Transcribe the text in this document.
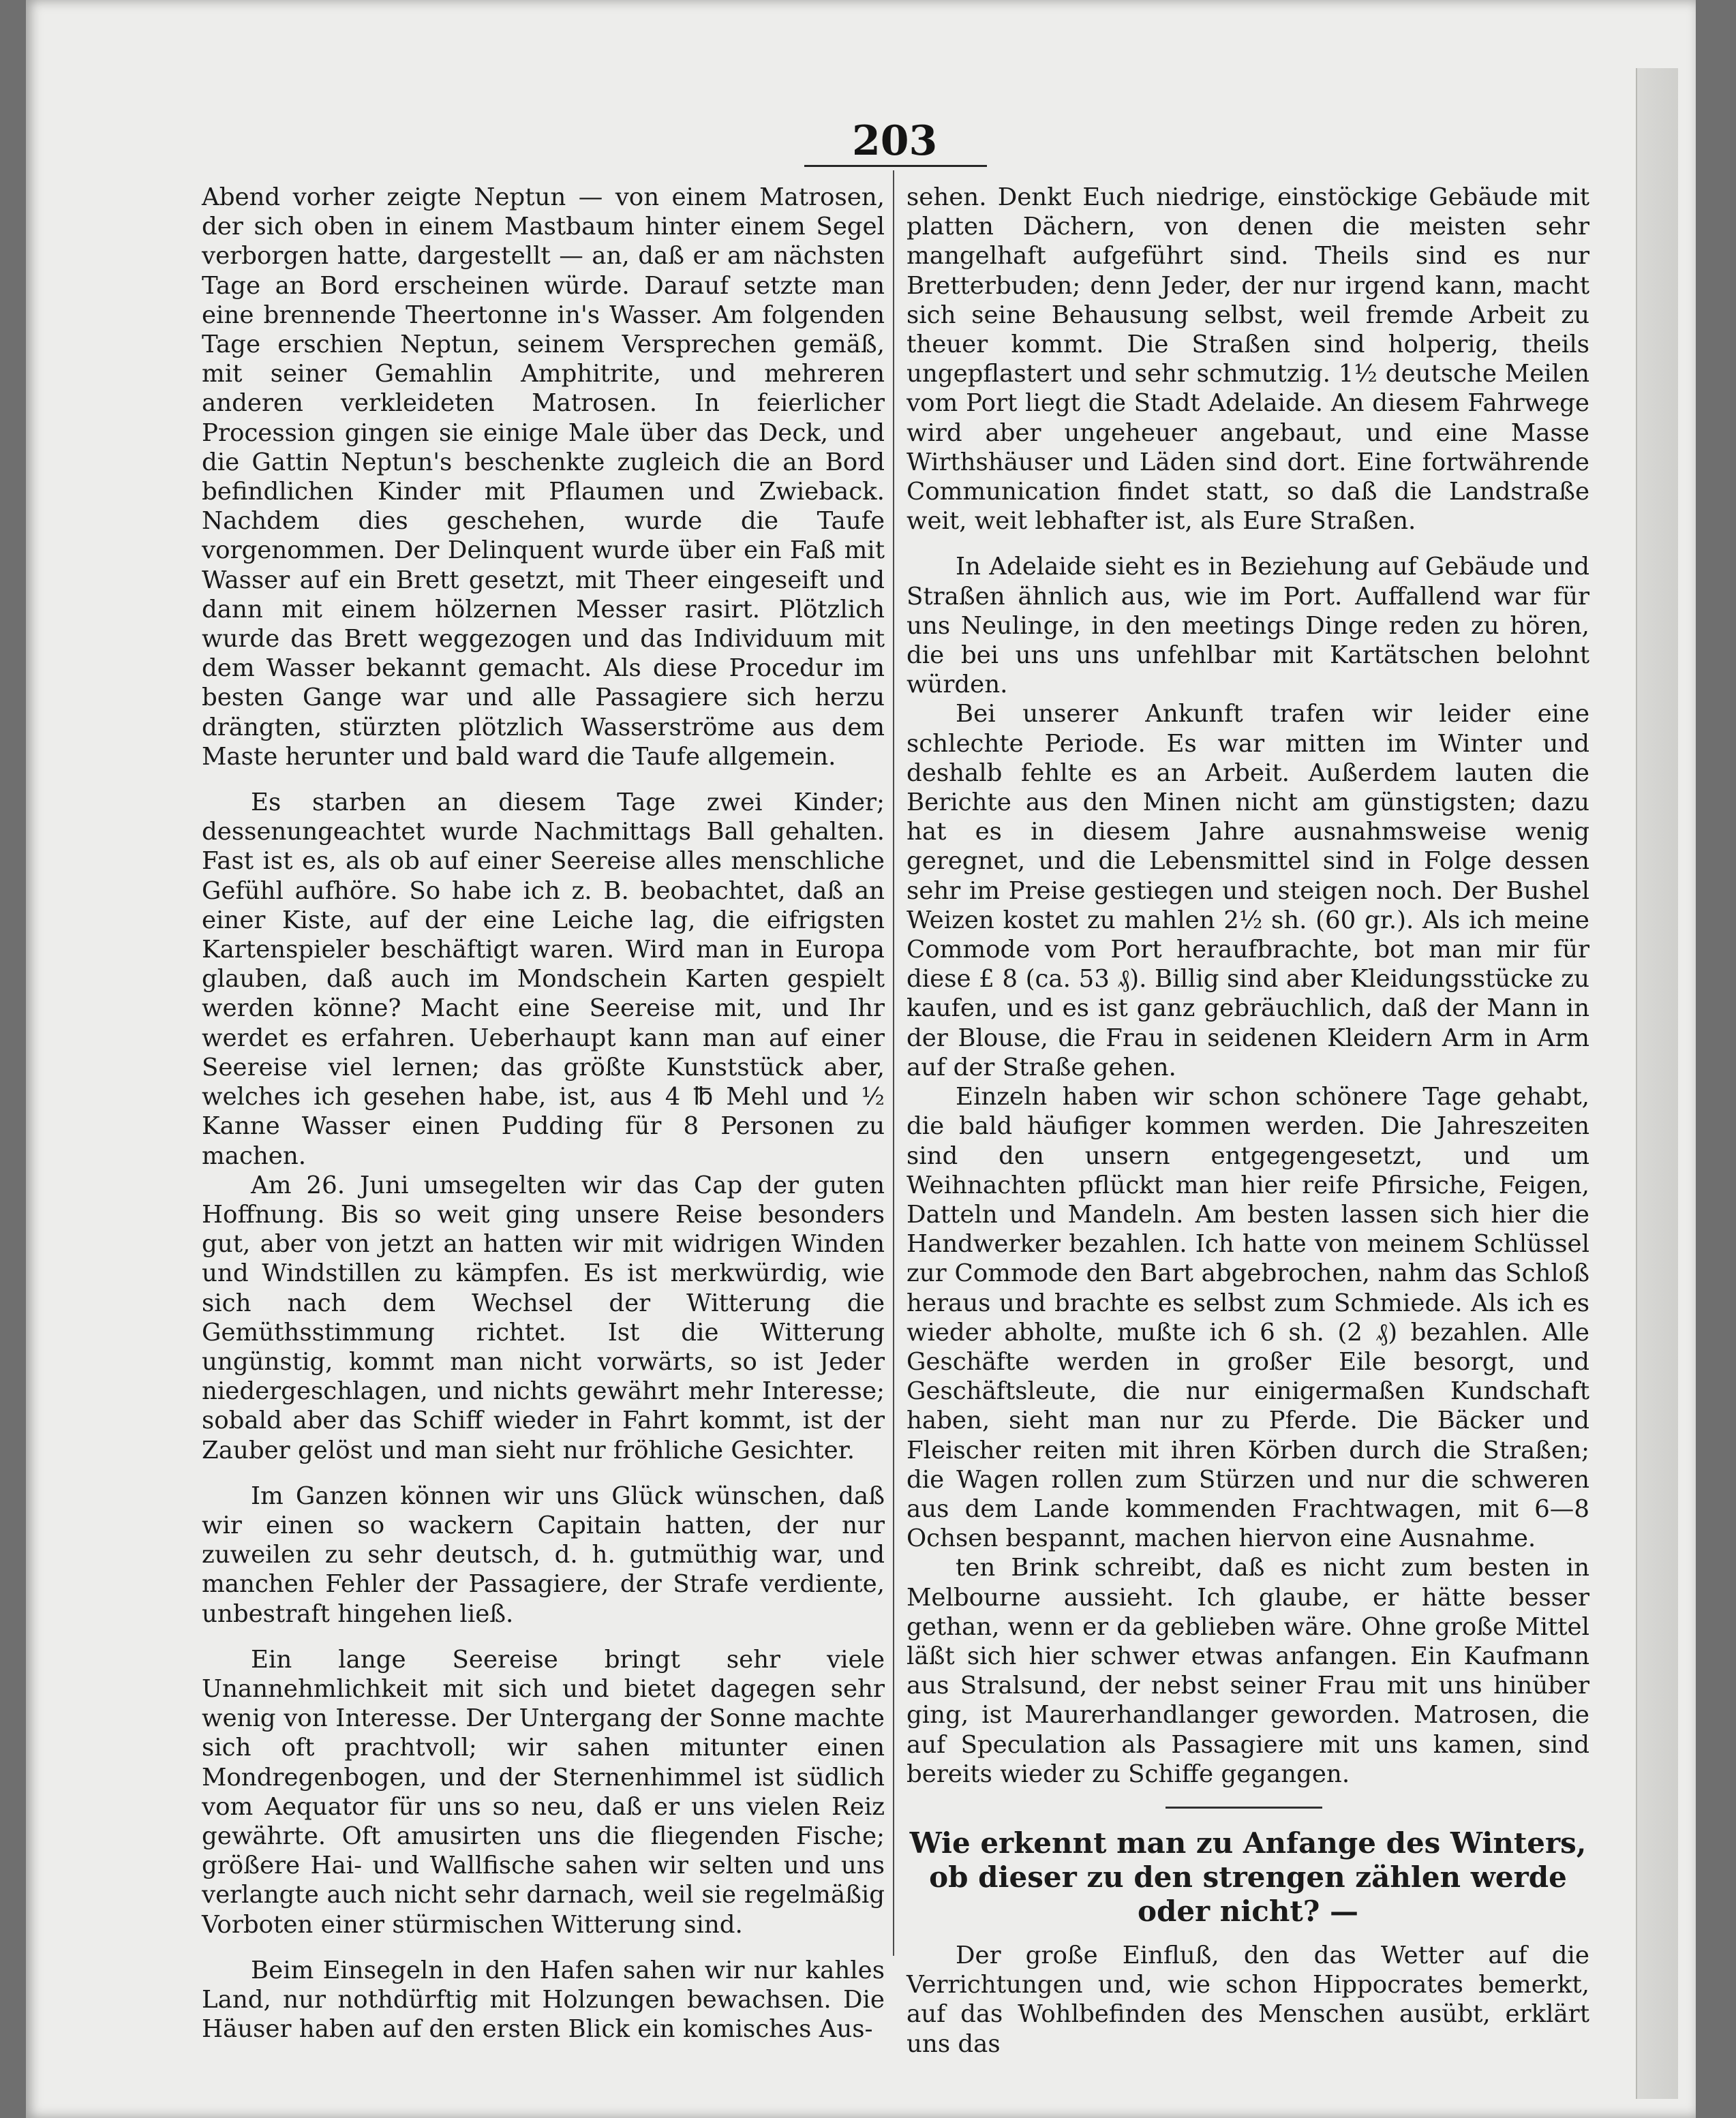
203

Abend vorher zeigte Neptun — von einem Matrosen, der sich oben in einem Mastbaum hinter einem Segel verborgen hatte, dargestellt — an, daß er am nächsten Tage an Bord erscheinen würde. Darauf setzte man eine brennende Theertonne in's Wasser. Am folgenden Tage erschien Neptun, seinem Versprechen gemäß, mit seiner Gemahlin Amphitrite, und mehreren anderen verkleideten Matrosen. In feierlicher Procession gingen sie einige Male über das Deck, und die Gattin Neptun's beschenkte zugleich die an Bord befindlichen Kinder mit Pflaumen und Zwieback. Nachdem dies geschehen, wurde die Taufe vorgenommen. Der Delinquent wurde über ein Faß mit Wasser auf ein Brett gesetzt, mit Theer eingeseift und dann mit einem hölzernen Messer rasirt. Plötzlich wurde das Brett weggezogen und das Individuum mit dem Wasser bekannt gemacht. Als diese Procedur im besten Gange war und alle Passagiere sich herzu drängten, stürzten plötzlich Wasserströme aus dem Maste herunter und bald ward die Taufe allgemein.

Es starben an diesem Tage zwei Kinder; dessenungeachtet wurde Nachmittags Ball gehalten. Fast ist es, als ob auf einer Seereise alles menschliche Gefühl aufhöre. So habe ich z. B. beobachtet, daß an einer Kiste, auf der eine Leiche lag, die eifrigsten Kartenspieler beschäftigt waren. Wird man in Europa glauben, daß auch im Mondschein Karten gespielt werden könne? Macht eine Seereise mit, und Ihr werdet es erfahren. Ueberhaupt kann man auf einer Seereise viel lernen; das größte Kunststück aber, welches ich gesehen habe, ist, aus 4 ℔ Mehl und ½ Kanne Wasser einen Pudding für 8 Personen zu machen.

Am 26. Juni umsegelten wir das Cap der guten Hoffnung. Bis so weit ging unsere Reise besonders gut, aber von jetzt an hatten wir mit widrigen Winden und Windstillen zu kämpfen. Es ist merkwürdig, wie sich nach dem Wechsel der Witterung die Gemüthsstimmung richtet. Ist die Witterung ungünstig, kommt man nicht vorwärts, so ist Jeder niedergeschlagen, und nichts gewährt mehr Interesse; sobald aber das Schiff wieder in Fahrt kommt, ist der Zauber gelöst und man sieht nur fröhliche Gesichter.

Im Ganzen können wir uns Glück wünschen, daß wir einen so wackern Capitain hatten, der nur zuweilen zu sehr deutsch, d. h. gutmüthig war, und manchen Fehler der Passagiere, der Strafe verdiente, unbestraft hingehen ließ.

Ein lange Seereise bringt sehr viele Unannehmlichkeit mit sich und bietet dagegen sehr wenig von Interesse. Der Untergang der Sonne machte sich oft prachtvoll; wir sahen mitunter einen Mondregenbogen, und der Sternenhimmel ist südlich vom Aequator für uns so neu, daß er uns vielen Reiz gewährte. Oft amusirten uns die fliegenden Fische; größere Hai- und Wallfische sahen wir selten und uns verlangte auch nicht sehr darnach, weil sie regelmäßig Vorboten einer stürmischen Witterung sind.

Beim Einsegeln in den Hafen sahen wir nur kahles Land, nur nothdürftig mit Holzungen bewachsen. Die Häuser haben auf den ersten Blick ein komisches Aus-

sehen. Denkt Euch niedrige, einstöckige Gebäude mit platten Dächern, von denen die meisten sehr mangelhaft aufgeführt sind. Theils sind es nur Bretterbuden; denn Jeder, der nur irgend kann, macht sich seine Behausung selbst, weil fremde Arbeit zu theuer kommt. Die Straßen sind holperig, theils ungepflastert und sehr schmutzig. 1½ deutsche Meilen vom Port liegt die Stadt Adelaide. An diesem Fahrwege wird aber ungeheuer angebaut, und eine Masse Wirthshäuser und Läden sind dort. Eine fortwährende Communication findet statt, so daß die Landstraße weit, weit lebhafter ist, als Eure Straßen.

In Adelaide sieht es in Beziehung auf Gebäude und Straßen ähnlich aus, wie im Port. Auffallend war für uns Neulinge, in den meetings Dinge reden zu hören, die bei uns uns unfehlbar mit Kartätschen belohnt würden.

Bei unserer Ankunft trafen wir leider eine schlechte Periode. Es war mitten im Winter und deshalb fehlte es an Arbeit. Außerdem lauten die Berichte aus den Minen nicht am günstigsten; dazu hat es in diesem Jahre ausnahmsweise wenig geregnet, und die Lebensmittel sind in Folge dessen sehr im Preise gestiegen und steigen noch. Der Bushel Weizen kostet zu mahlen 2½ sh. (60 gr.). Als ich meine Commode vom Port heraufbrachte, bot man mir für diese £ 8 (ca. 53 ₰). Billig sind aber Kleidungsstücke zu kaufen, und es ist ganz gebräuchlich, daß der Mann in der Blouse, die Frau in seidenen Kleidern Arm in Arm auf der Straße gehen.

Einzeln haben wir schon schönere Tage gehabt, die bald häufiger kommen werden. Die Jahreszeiten sind den unsern entgegengesetzt, und um Weihnachten pflückt man hier reife Pfirsiche, Feigen, Datteln und Mandeln. Am besten lassen sich hier die Handwerker bezahlen. Ich hatte von meinem Schlüssel zur Commode den Bart abgebrochen, nahm das Schloß heraus und brachte es selbst zum Schmiede. Als ich es wieder abholte, mußte ich 6 sh. (2 ₰) bezahlen. Alle Geschäfte werden in großer Eile besorgt, und Geschäftsleute, die nur einigermaßen Kundschaft haben, sieht man nur zu Pferde. Die Bäcker und Fleischer reiten mit ihren Körben durch die Straßen; die Wagen rollen zum Stürzen und nur die schweren aus dem Lande kommenden Frachtwagen, mit 6—8 Ochsen bespannt, machen hiervon eine Ausnahme.

ten Brink schreibt, daß es nicht zum besten in Melbourne aussieht. Ich glaube, er hätte besser gethan, wenn er da geblieben wäre. Ohne große Mittel läßt sich hier schwer etwas anfangen. Ein Kaufmann aus Stralsund, der nebst seiner Frau mit uns hinüber ging, ist Maurerhandlanger geworden. Matrosen, die auf Speculation als Passagiere mit uns kamen, sind bereits wieder zu Schiffe gegangen.

Wie erkennt man zu Anfange des Winters, ob dieser zu den strengen zählen werde oder nicht? —

Der große Einfluß, den das Wetter auf die Verrichtungen und, wie schon Hippocrates bemerkt, auf das Wohlbefinden des Menschen ausübt, erklärt uns das
